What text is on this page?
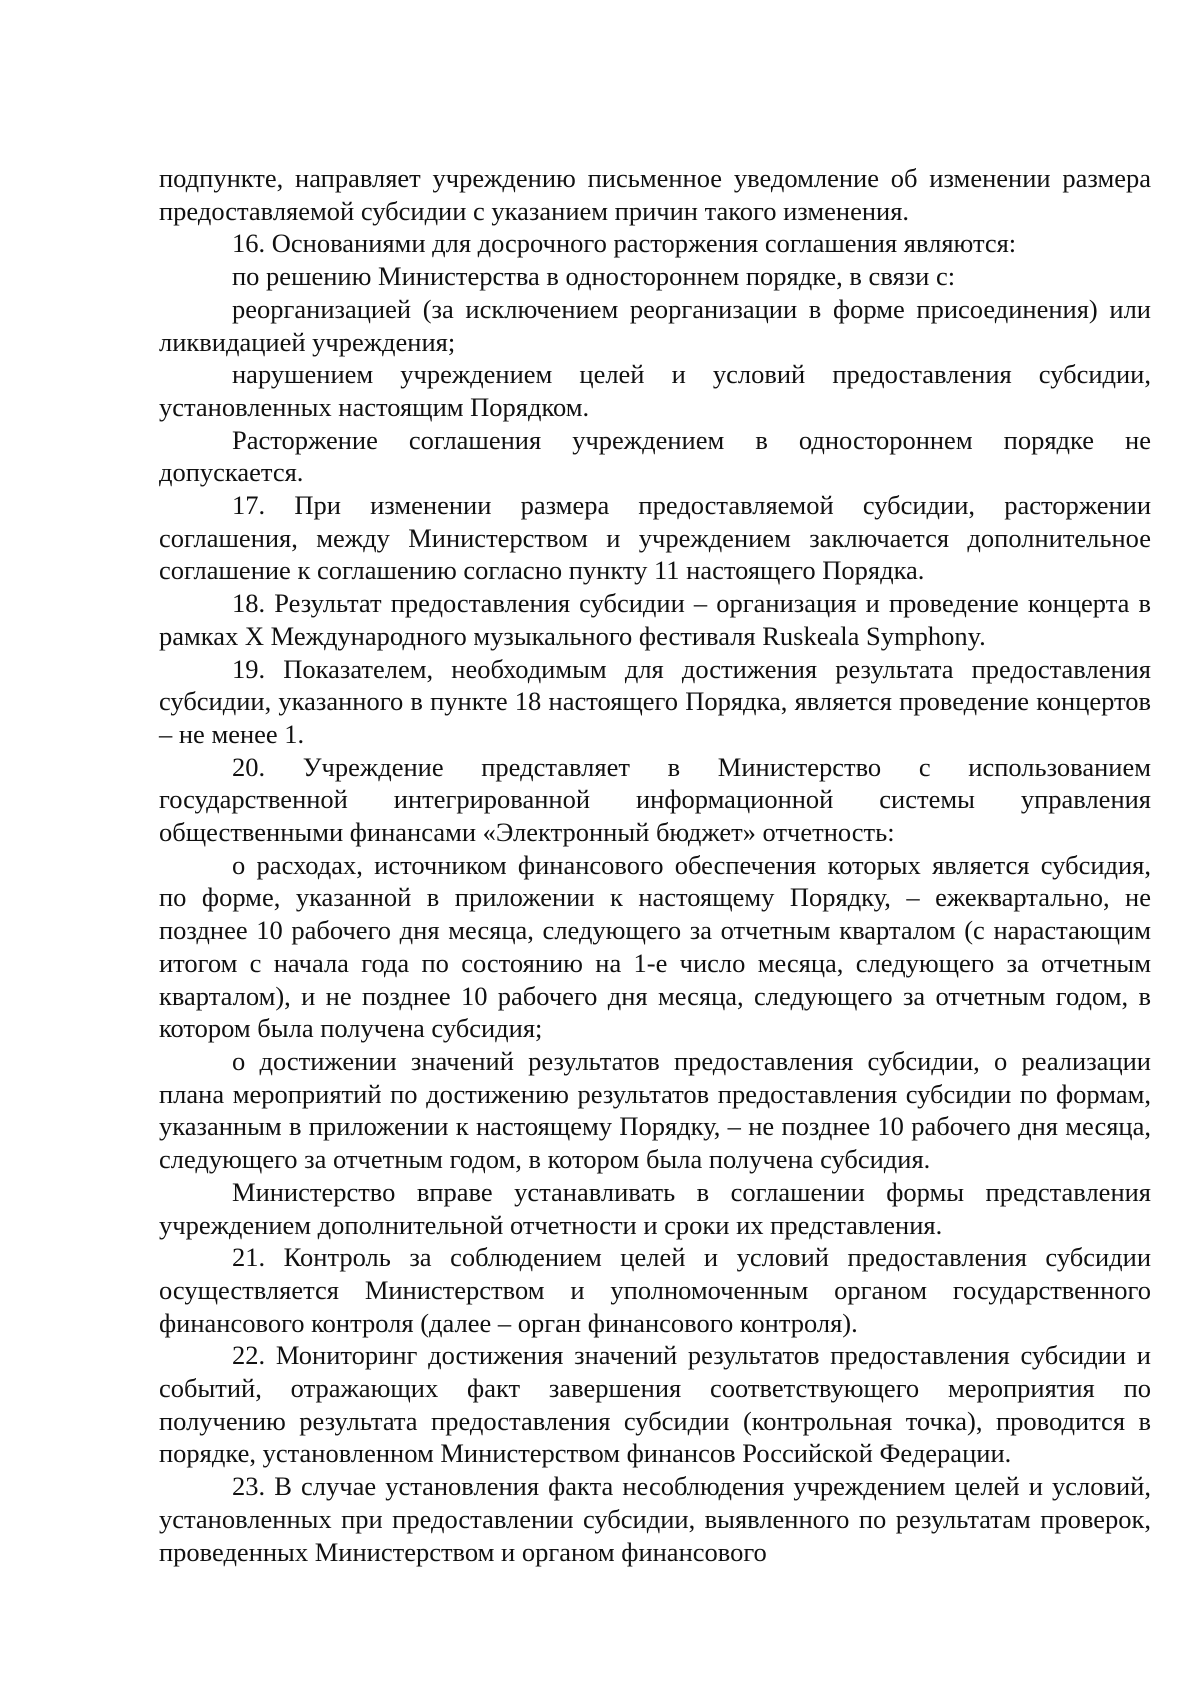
подпункте, направляет учреждению письменное уведомление об изменении размера предоставляемой субсидии с указанием причин такого изменения.

16. Основаниями для досрочного расторжения соглашения являются:

по решению Министерства в одностороннем порядке, в связи с:

реорганизацией (за исключением реорганизации в форме присоединения) или ликвидацией учреждения;

нарушением учреждением целей и условий предоставления субсидии, установленных настоящим Порядком.

Расторжение соглашения учреждением в одностороннем порядке не допускается.

17. При изменении размера предоставляемой субсидии, расторжении соглашения, между Министерством и учреждением заключается дополнительное соглашение к соглашению согласно пункту 11 настоящего Порядка.

18. Результат предоставления субсидии – организация и проведение концерта в рамках X Международного музыкального фестиваля Ruskeala Symphony.

19. Показателем, необходимым для достижения результата предоставления субсидии, указанного в пункте 18 настоящего Порядка, является проведение концертов – не менее 1.

20. Учреждение представляет в Министерство с использованием государственной интегрированной информационной системы управления общественными финансами «Электронный бюджет» отчетность:

о расходах, источником финансового обеспечения которых является субсидия, по форме, указанной в приложении к настоящему Порядку, – ежеквартально, не позднее 10 рабочего дня месяца, следующего за отчетным кварталом (с нарастающим итогом с начала года по состоянию на 1-е число месяца, следующего за отчетным кварталом), и не позднее 10 рабочего дня месяца, следующего за отчетным годом, в котором была получена субсидия;

о достижении значений результатов предоставления субсидии, о реализации плана мероприятий по достижению результатов предоставления субсидии по формам, указанным в приложении к настоящему Порядку, – не позднее 10 рабочего дня месяца, следующего за отчетным годом, в котором была получена субсидия.

Министерство вправе устанавливать в соглашении формы представления учреждением дополнительной отчетности и сроки их представления.

21. Контроль за соблюдением целей и условий предоставления субсидии осуществляется Министерством и уполномоченным органом государственного финансового контроля (далее – орган финансового контроля).

22. Мониторинг достижения значений результатов предоставления субсидии и событий, отражающих факт завершения соответствующего мероприятия по получению результата предоставления субсидии (контрольная точка), проводится в порядке, установленном Министерством финансов Российской Федерации.

23. В случае установления факта несоблюдения учреждением целей и условий, установленных при предоставлении субсидии, выявленного по результатам проверок, проведенных Министерством и органом финансового
